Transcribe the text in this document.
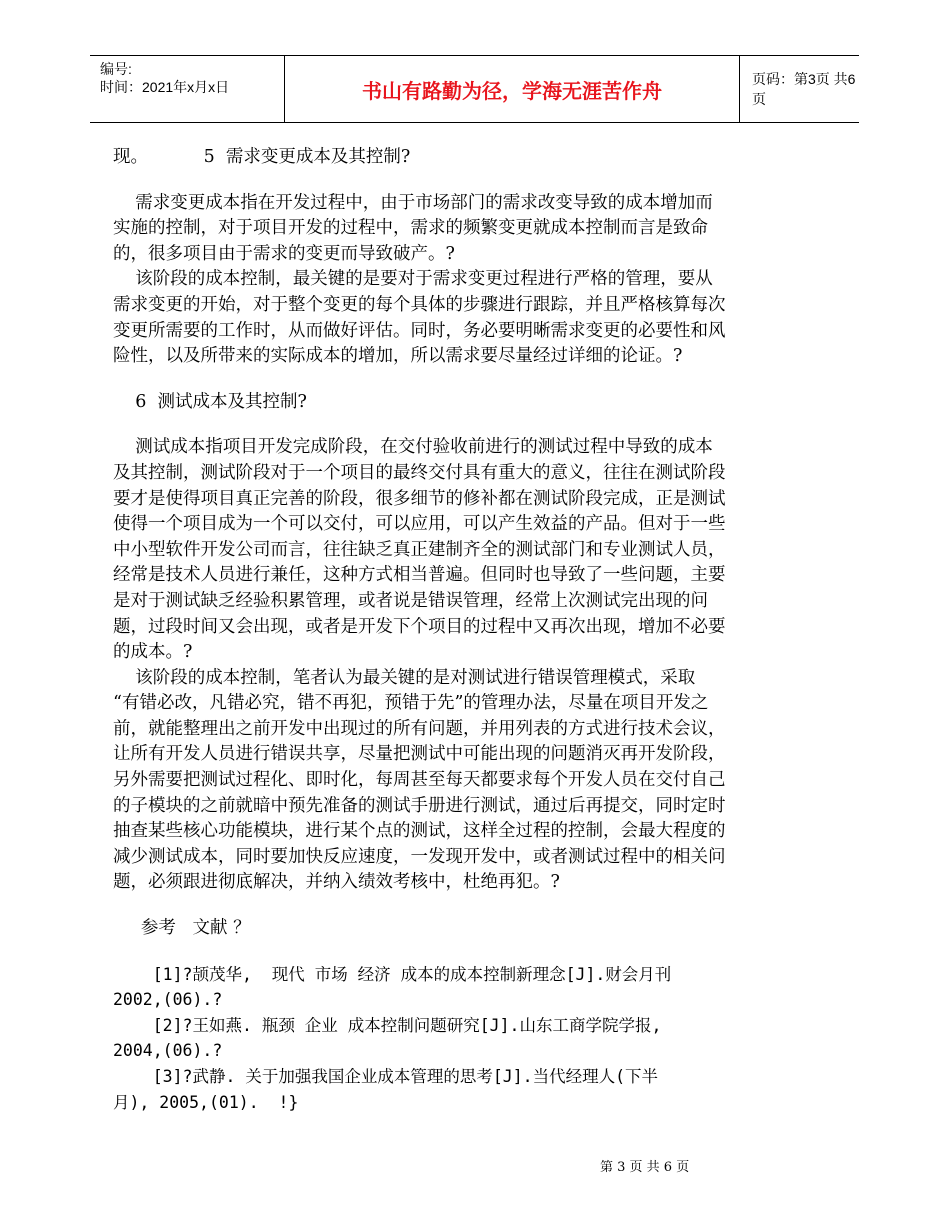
编号:
时间：2021年x月x日	书山有路勤为径，学海无涯苦作舟	页码：第3页 共6页
现。          5  需求变更成本及其控制?
需求变更成本指在开发过程中，由于市场部门的需求改变导致的成本增加而
实施的控制，对于项目开发的过程中，需求的频繁变更就成本控制而言是致命
的，很多项目由于需求的变更而导致破产。?
该阶段的成本控制，最关键的是要对于需求变更过程进行严格的管理，要从
需求变更的开始，对于整个变更的每个具体的步骤进行跟踪，并且严格核算每次
变更所需要的工作时，从而做好评估。同时，务必要明晰需求变更的必要性和风
险性，以及所带来的实际成本的增加，所以需求要尽量经过详细的论证。?
6  测试成本及其控制?
测试成本指项目开发完成阶段，在交付验收前进行的测试过程中导致的成本
及其控制，测试阶段对于一个项目的最终交付具有重大的意义，往往在测试阶段
要才是使得项目真正完善的阶段，很多细节的修补都在测试阶段完成，正是测试
使得一个项目成为一个可以交付，可以应用，可以产生效益的产品。但对于一些
中小型软件开发公司而言，往往缺乏真正建制齐全的测试部门和专业测试人员，
经常是技术人员进行兼任，这种方式相当普遍。但同时也导致了一些问题，主要
是对于测试缺乏经验积累管理，或者说是错误管理，经常上次测试完出现的问
题，过段时间又会出现，或者是开发下个项目的过程中又再次出现，增加不必要
的成本。?
该阶段的成本控制，笔者认为最关键的是对测试进行错误管理模式，采取
“有错必改，凡错必究，错不再犯，预错于先”的管理办法，尽量在项目开发之
前，就能整理出之前开发中出现过的所有问题，并用列表的方式进行技术会议，
让所有开发人员进行错误共享，尽量把测试中可能出现的问题消灭再开发阶段，
另外需要把测试过程化、即时化，每周甚至每天都要求每个开发人员在交付自己
的子模块的之前就暗中预先准备的测试手册进行测试，通过后再提交，同时定时
抽查某些核心功能模块，进行某个点的测试，这样全过程的控制，会最大程度的
减少测试成本，同时要加快反应速度，一发现开发中，或者测试过程中的相关问
题，必须跟进彻底解决，并纳入绩效考核中，杜绝再犯。?
参考   文献 ？
[1]?颉茂华,  现代 市场 经济 成本的成本控制新理念[J].财会月刊
2002,(06).?
[2]?王如燕. 瓶颈 企业 成本控制问题研究[J].山东工商学院学报,
2004,(06).?
[3]?武静. 关于加强我国企业成本管理的思考[J].当代经理人(下半
月), 2005,(01).  !}
第 3 页 共 6 页
